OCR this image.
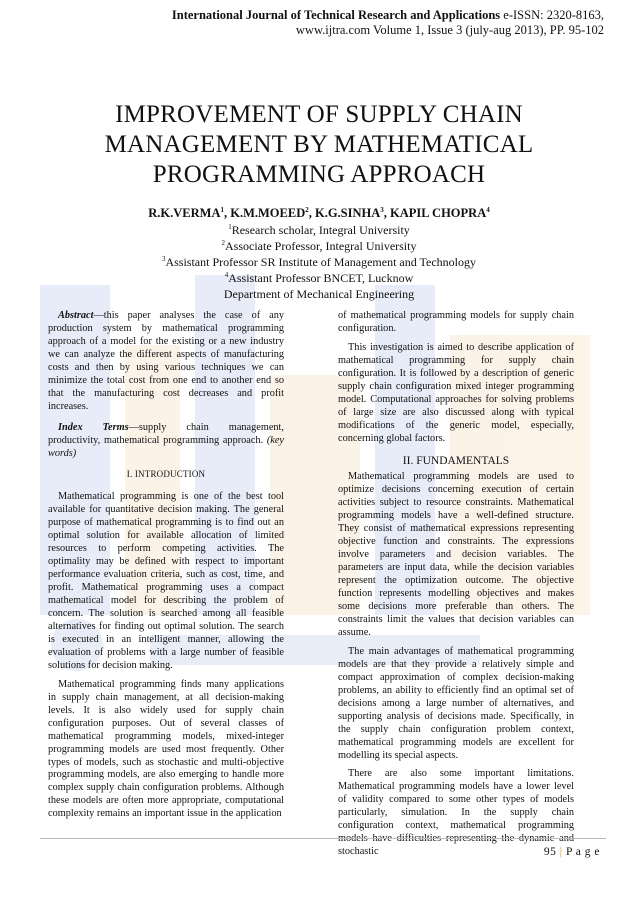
International Journal of Technical Research and Applications e-ISSN: 2320-8163,
www.ijtra.com Volume 1, Issue 3 (july-aug 2013), PP. 95-102
IMPROVEMENT OF SUPPLY CHAIN
MANAGEMENT BY MATHEMATICAL
PROGRAMMING APPROACH
R.K.VERMA$^1$, K.M.MOEED$^2$, K.G.SINHA$^3$, KAPIL CHOPRA$^4$
$^1$Research scholar, Integral University
$^2$Associate Professor, Integral University
$^3$Assistant Professor SR Institute of Management and Technology
$^4$Assistant Professor BNCET, Lucknow
Department of Mechanical Engineering

Abstract—this paper analyses the case of any production system by mathematical programming approach of a model for the existing or a new industry we can analyze the different aspects of manufacturing costs and then by using various techniques we can minimize the total cost from one end to another end so that the manufacturing cost decreases and profit increases.

Index Terms—supply chain management, productivity, mathematical programming approach. (key words)

I. INTRODUCTION

Mathematical programming is one of the best tool available for quantitative decision making. The general purpose of mathematical programming is to find out an optimal solution for available allocation of limited resources to perform competing activities. The optimality may be defined with respect to important performance evaluation criteria, such as cost, time, and profit. Mathematical programming uses a compact mathematical model for describing the problem of concern. The solution is searched among all feasible alternatives for finding out optimal solution. The search is executed in an intelligent manner, allowing the evaluation of problems with a large number of feasible solutions for decision making.

Mathematical programming finds many applications in supply chain management, at all decision-making levels. It is also widely used for supply chain configuration purposes. Out of several classes of mathematical programming models, mixed-integer programming models are used most frequently. Other types of models, such as stochastic and multi-objective programming models, are also emerging to handle more complex supply chain configuration problems. Although these models are often more appropriate, computational complexity remains an important issue in the application

of mathematical programming models for supply chain configuration.

This investigation is aimed to describe application of mathematical programming for supply chain configuration. It is followed by a description of generic supply chain configuration mixed integer programming model. Computational approaches for solving problems of large size are also discussed along with typical modifications of the generic model, especially, concerning global factors.

II. FUNDAMENTALS

Mathematical programming models are used to optimize decisions concerning execution of certain activities subject to resource constraints. Mathematical programming models have a well-defined structure. They consist of mathematical expressions representing objective function and constraints. The expressions involve parameters and decision variables. The parameters are input data, while the decision variables represent the optimization outcome. The objective function represents modelling objectives and makes some decisions more preferable than others. The constraints limit the values that decision variables can assume.

The main advantages of mathematical programming models are that they provide a relatively simple and compact approximation of complex decision-making problems, an ability to efficiently find an optimal set of decisions among a large number of alternatives, and supporting analysis of decisions made. Specifically, in the supply chain configuration problem context, mathematical programming models are excellent for modelling its special aspects.

There are also some important limitations. Mathematical programming models have a lower level of validity compared to some other types of models particularly, simulation. In the supply chain configuration context, mathematical programming stochastic	95 | P a g e
